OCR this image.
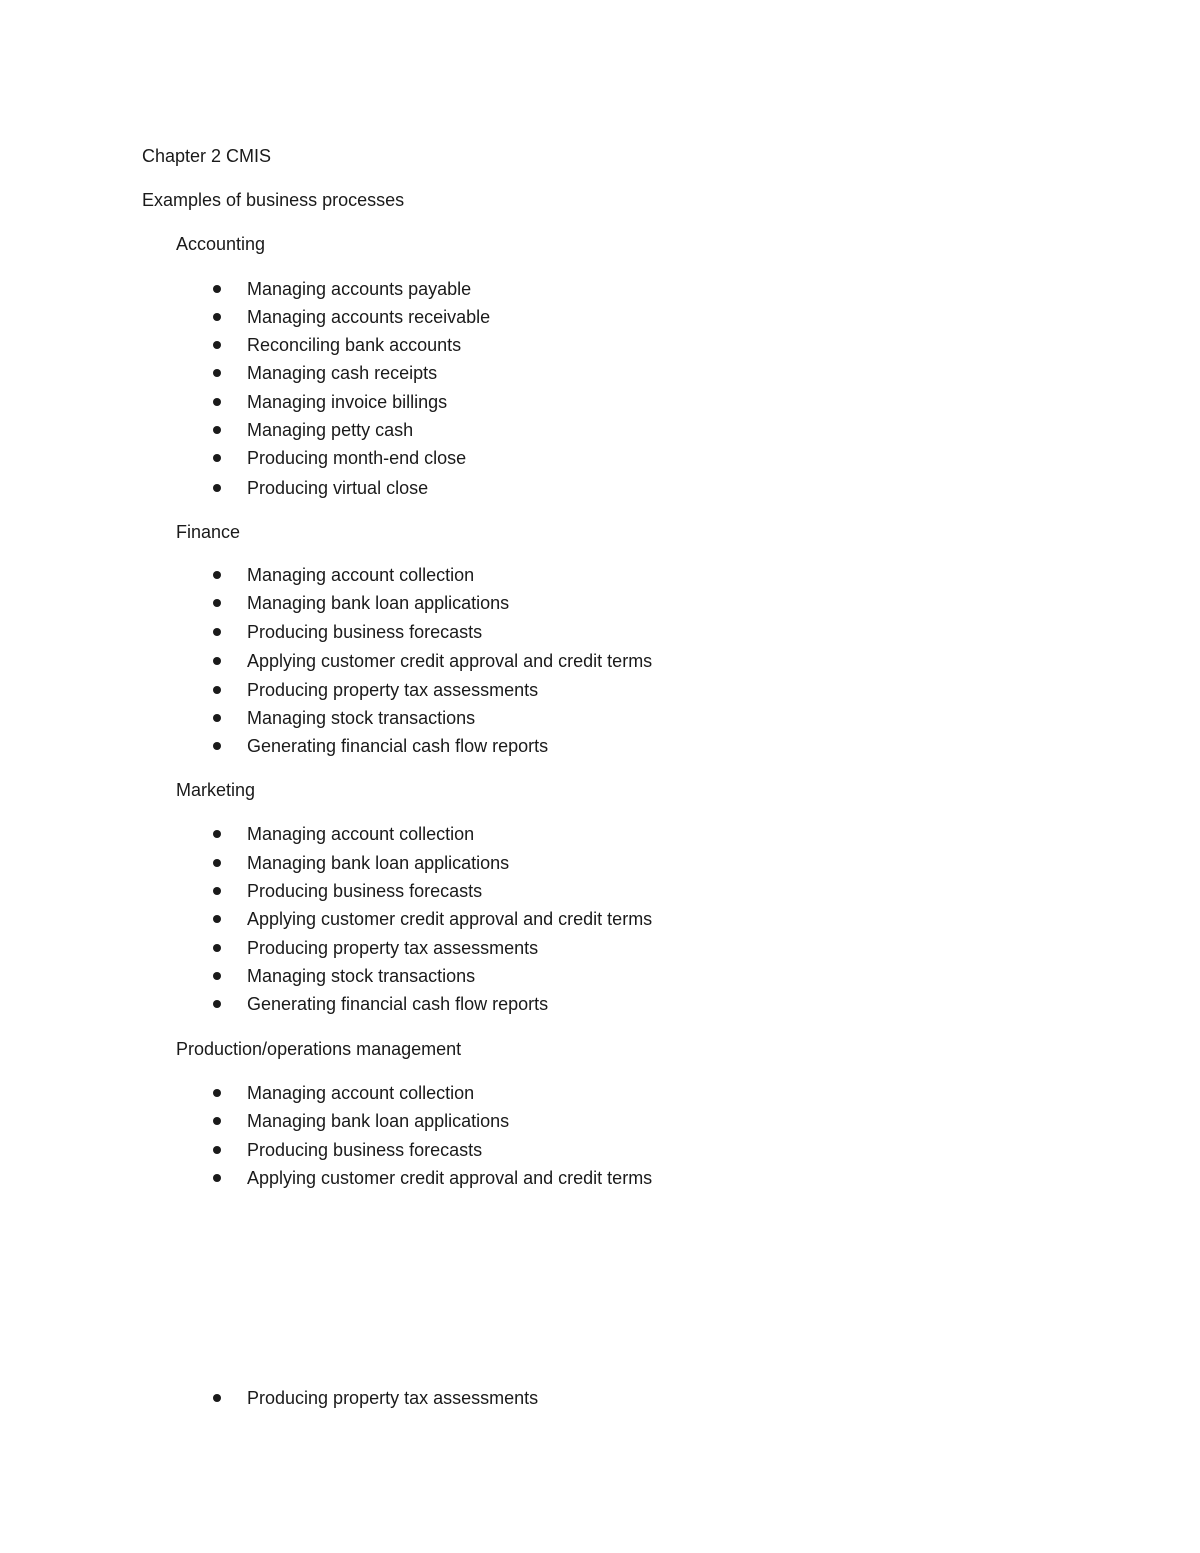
Chapter 2 CMIS
Examples of business processes
Accounting
Managing accounts payable
Managing accounts receivable
Reconciling bank accounts
Managing cash receipts
Managing invoice billings
Managing petty cash
Producing month-end close
Producing virtual close
Finance
Managing account collection
Managing bank loan applications
Producing business forecasts
Applying customer credit approval and credit terms
Producing property tax assessments
Managing stock transactions
Generating financial cash flow reports
Marketing
Managing account collection
Managing bank loan applications
Producing business forecasts
Applying customer credit approval and credit terms
Producing property tax assessments
Managing stock transactions
Generating financial cash flow reports
Production/operations management
Managing account collection
Managing bank loan applications
Producing business forecasts
Applying customer credit approval and credit terms
Producing property tax assessments
